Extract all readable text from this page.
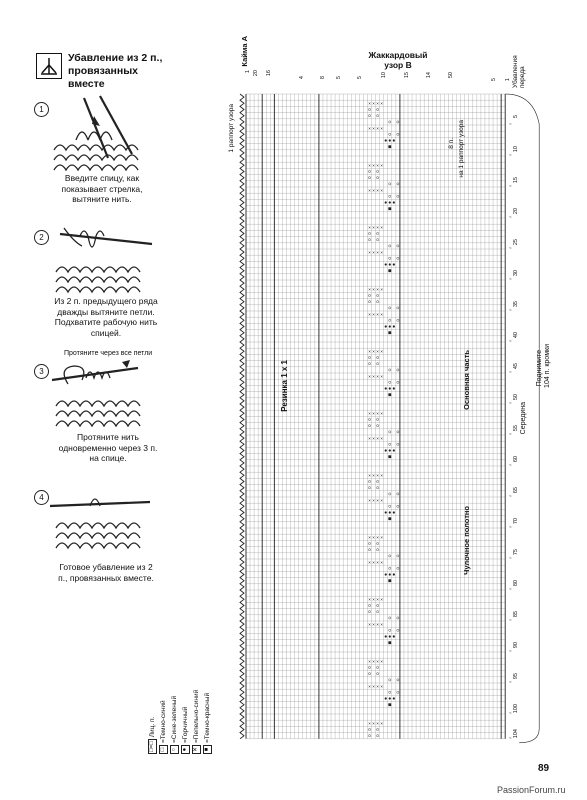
Убавление из 2 п., провязанных вместе
1
Введите спицу, как показывает стрелка, вытяните нить.
2
Из 2 п. предыдущего ряда дважды вытяните петли. Подхватите рабочую нить спицей.
3
Протяните через все петли
Протяните нить одновременно через 3 п. на спице.
4
Готовое убавление из 2 п., провязанных вместе.
□=□
Лиц. п.
□
=Темно-синий
○
=Сине-зеленый
●
=Горчичный
✕
=Пепельно-синий
■
=Темно-красный
× × × ×
× × × ×
× × × ×
× × × ×
× × × ×
× × × ×
× × × ×
× × × ×
× × × ×
× × × ×
× × × ×
× × × ×
× × × ×
× × × ×
× × × ×
× × × ×
× × × ×
× × × ×
× × × ×
× × × ×
× × × ×
<
<
<
<
<
<
<
<
<
<
<
<
<
<
<
<
<
<
<
<
<
Кайма А	Жаккардовый узор В	Убавления переда
1 раппорт узора	8 п. на 1 раппорт узора
Резинка 1 х 1	Основная часть
Чулочное полотно
Поднимите 104 п. кромки
Середина
1 20 16
4	8 5	5	10	15	14	50
5 1
5
10
15
20
25
30
35
40
45
50
55
60
65
70
75
80
85
90
95
100
104
89
PassionForum.ru
